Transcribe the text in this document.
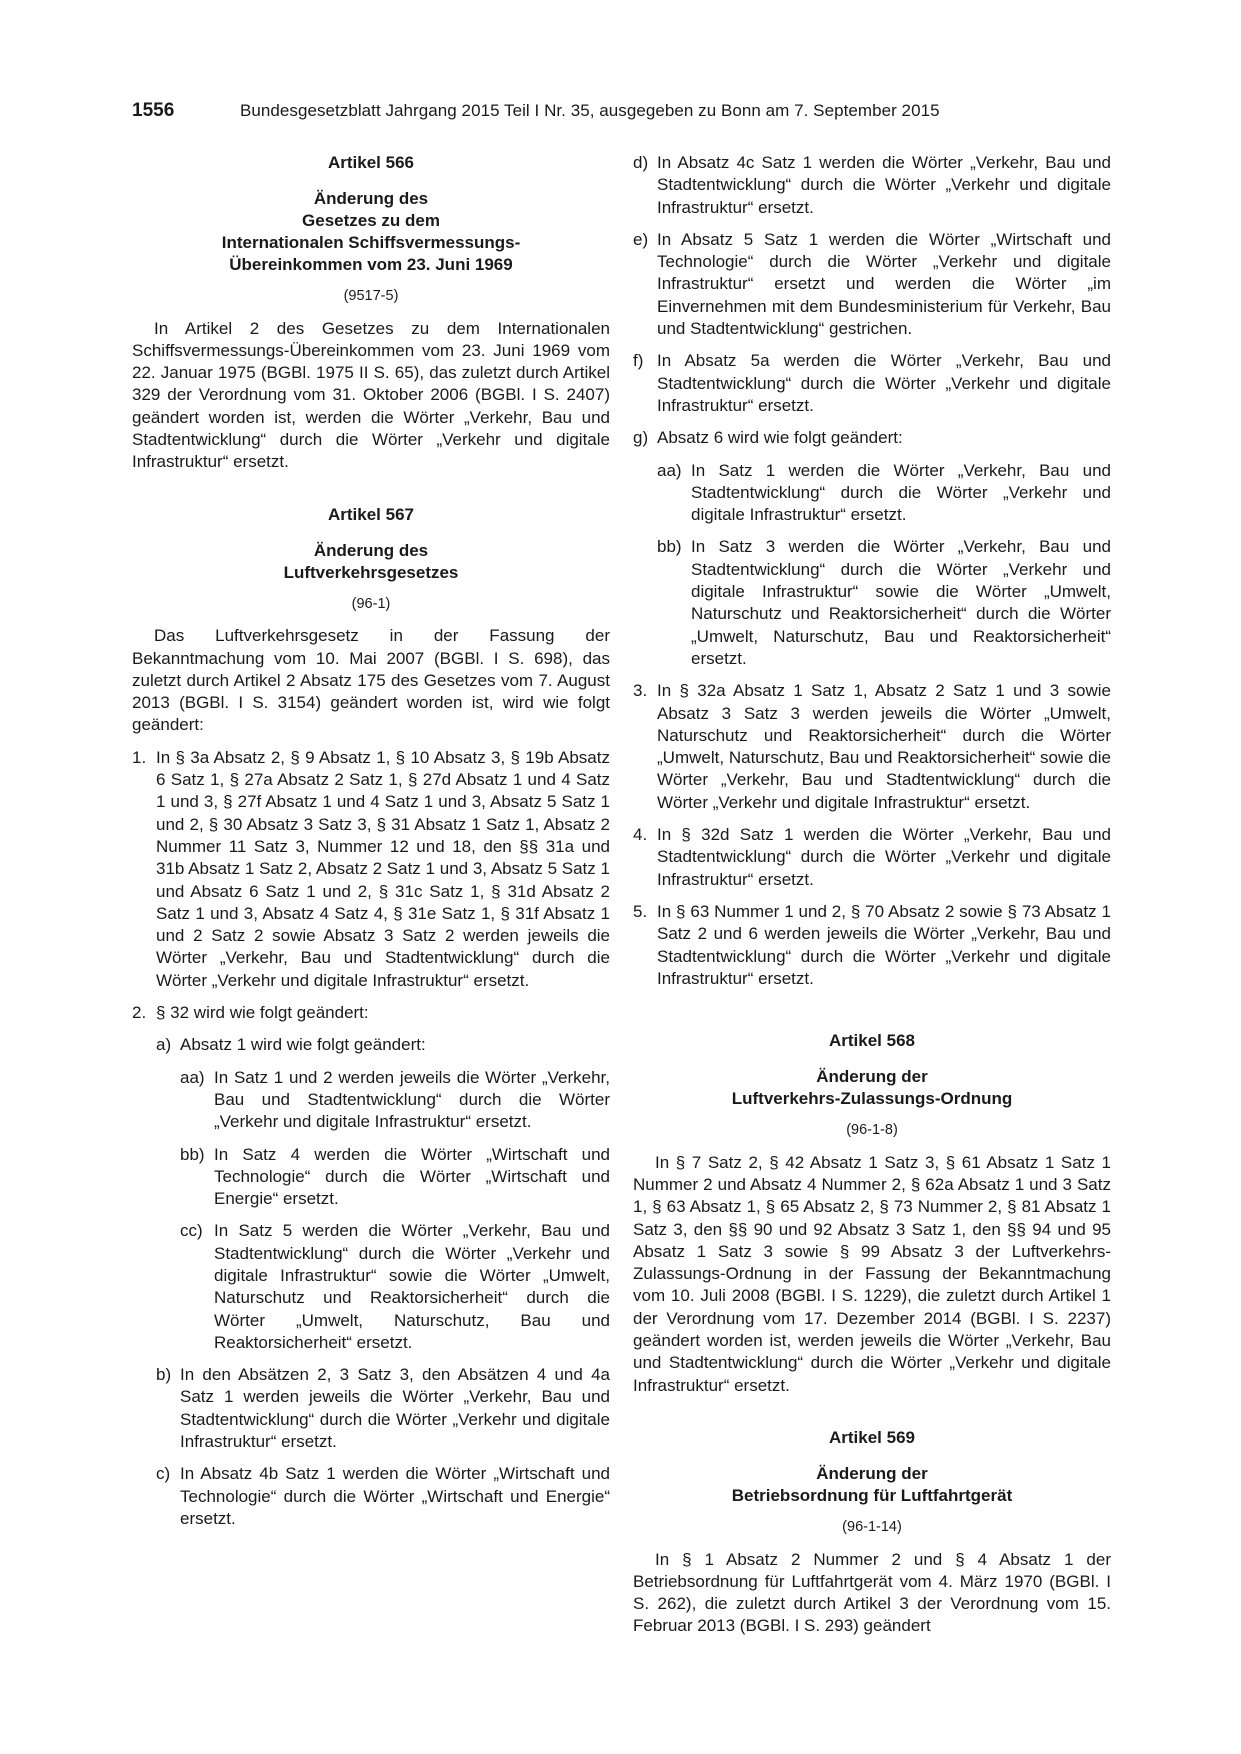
1556	Bundesgesetzblatt Jahrgang 2015 Teil I Nr. 35, ausgegeben zu Bonn am 7. September 2015
Artikel 566
Änderung des
Gesetzes zu dem
Internationalen Schiffsvermessungs-
Übereinkommen vom 23. Juni 1969
(9517-5)

In Artikel 2 des Gesetzes zu dem Internationalen Schiffsvermessungs-Übereinkommen vom 23. Juni 1969 vom 22. Januar 1975 (BGBl. 1975 II S. 65), das zuletzt durch Artikel 329 der Verordnung vom 31. Oktober 2006 (BGBl. I S. 2407) geändert worden ist, werden die Wörter „Verkehr, Bau und Stadtentwicklung“ durch die Wörter „Verkehr und digitale Infrastruktur“ ersetzt.

Artikel 567
Änderung des
Luftverkehrsgesetzes
(96-1)

Das Luftverkehrsgesetz in der Fassung der Bekanntmachung vom 10. Mai 2007 (BGBl. I S. 698), das zuletzt durch Artikel 2 Absatz 175 des Gesetzes vom 7. August 2013 (BGBl. I S. 3154) geändert worden ist, wird wie folgt geändert:

1. In § 3a Absatz 2, § 9 Absatz 1, § 10 Absatz 3, § 19b Absatz 6 Satz 1, § 27a Absatz 2 Satz 1, § 27d Absatz 1 und 4 Satz 1 und 3, § 27f Absatz 1 und 4 Satz 1 und 3, Absatz 5 Satz 1 und 2, § 30 Absatz 3 Satz 3, § 31 Absatz 1 Satz 1, Absatz 2 Nummer 11 Satz 3, Nummer 12 und 18, den §§ 31a und 31b Absatz 1 Satz 2, Absatz 2 Satz 1 und 3, Absatz 5 Satz 1 und Absatz 6 Satz 1 und 2, § 31c Satz 1, § 31d Absatz 2 Satz 1 und 3, Absatz 4 Satz 4, § 31e Satz 1, § 31f Absatz 1 und 2 Satz 2 sowie Absatz 3 Satz 2 werden jeweils die Wörter „Verkehr, Bau und Stadtentwicklung“ durch die Wörter „Verkehr und digitale Infrastruktur“ ersetzt.
2. § 32 wird wie folgt geändert:
a) Absatz 1 wird wie folgt geändert:
aa) In Satz 1 und 2 werden jeweils die Wörter „Verkehr, Bau und Stadtentwicklung“ durch die Wörter „Verkehr und digitale Infrastruktur“ ersetzt.
bb) In Satz 4 werden die Wörter „Wirtschaft und Technologie“ durch die Wörter „Wirtschaft und Energie“ ersetzt.
cc) In Satz 5 werden die Wörter „Verkehr, Bau und Stadtentwicklung“ durch die Wörter „Verkehr und digitale Infrastruktur“ sowie die Wörter „Umwelt, Naturschutz und Reaktorsicherheit“ durch die Wörter „Umwelt, Naturschutz, Bau und Reaktorsicherheit“ ersetzt.
b) In den Absätzen 2, 3 Satz 3, den Absätzen 4 und 4a Satz 1 werden jeweils die Wörter „Verkehr, Bau und Stadtentwicklung“ durch die Wörter „Verkehr und digitale Infrastruktur“ ersetzt.
c) In Absatz 4b Satz 1 werden die Wörter „Wirtschaft und Technologie“ durch die Wörter „Wirtschaft und Energie“ ersetzt.
d) In Absatz 4c Satz 1 werden die Wörter „Verkehr, Bau und Stadtentwicklung“ durch die Wörter „Verkehr und digitale Infrastruktur“ ersetzt.
e) In Absatz 5 Satz 1 werden die Wörter „Wirtschaft und Technologie“ durch die Wörter „Verkehr und digitale Infrastruktur“ ersetzt und werden die Wörter „im Einvernehmen mit dem Bundesministerium für Verkehr, Bau und Stadtentwicklung“ gestrichen.
f) In Absatz 5a werden die Wörter „Verkehr, Bau und Stadtentwicklung“ durch die Wörter „Verkehr und digitale Infrastruktur“ ersetzt.
g) Absatz 6 wird wie folgt geändert:
aa) In Satz 1 werden die Wörter „Verkehr, Bau und Stadtentwicklung“ durch die Wörter „Verkehr und digitale Infrastruktur“ ersetzt.
bb) In Satz 3 werden die Wörter „Verkehr, Bau und Stadtentwicklung“ durch die Wörter „Verkehr und digitale Infrastruktur“ sowie die Wörter „Umwelt, Naturschutz und Reaktorsicherheit“ durch die Wörter „Umwelt, Naturschutz, Bau und Reaktorsicherheit“ ersetzt.
3. In § 32a Absatz 1 Satz 1, Absatz 2 Satz 1 und 3 sowie Absatz 3 Satz 3 werden jeweils die Wörter „Umwelt, Naturschutz und Reaktorsicherheit“ durch die Wörter „Umwelt, Naturschutz, Bau und Reaktorsicherheit“ sowie die Wörter „Verkehr, Bau und Stadtentwicklung“ durch die Wörter „Verkehr und digitale Infrastruktur“ ersetzt.
4. In § 32d Satz 1 werden die Wörter „Verkehr, Bau und Stadtentwicklung“ durch die Wörter „Verkehr und digitale Infrastruktur“ ersetzt.
5. In § 63 Nummer 1 und 2, § 70 Absatz 2 sowie § 73 Absatz 1 Satz 2 und 6 werden jeweils die Wörter „Verkehr, Bau und Stadtentwicklung“ durch die Wörter „Verkehr und digitale Infrastruktur“ ersetzt.
Artikel 568
Änderung der
Luftverkehrs-Zulassungs-Ordnung
(96-1-8)

In § 7 Satz 2, § 42 Absatz 1 Satz 3, § 61 Absatz 1 Satz 1 Nummer 2 und Absatz 4 Nummer 2, § 62a Absatz 1 und 3 Satz 1, § 63 Absatz 1, § 65 Absatz 2, § 73 Nummer 2, § 81 Absatz 1 Satz 3, den §§ 90 und 92 Absatz 3 Satz 1, den §§ 94 und 95 Absatz 1 Satz 3 sowie § 99 Absatz 3 der Luftverkehrs-Zulassungs-Ordnung in der Fassung der Bekanntmachung vom 10. Juli 2008 (BGBl. I S. 1229), die zuletzt durch Artikel 1 der Verordnung vom 17. Dezember 2014 (BGBl. I S. 2237) geändert worden ist, werden jeweils die Wörter „Verkehr, Bau und Stadtentwicklung“ durch die Wörter „Verkehr und digitale Infrastruktur“ ersetzt.

Artikel 569
Änderung der
Betriebsordnung für Luftfahrtgerät
(96-1-14)

In § 1 Absatz 2 Nummer 2 und § 4 Absatz 1 der Betriebsordnung für Luftfahrtgerät vom 4. März 1970 (BGBl. I S. 262), die zuletzt durch Artikel 3 der Verordnung vom 15. Februar 2013 (BGBl. I S. 293) geändert
